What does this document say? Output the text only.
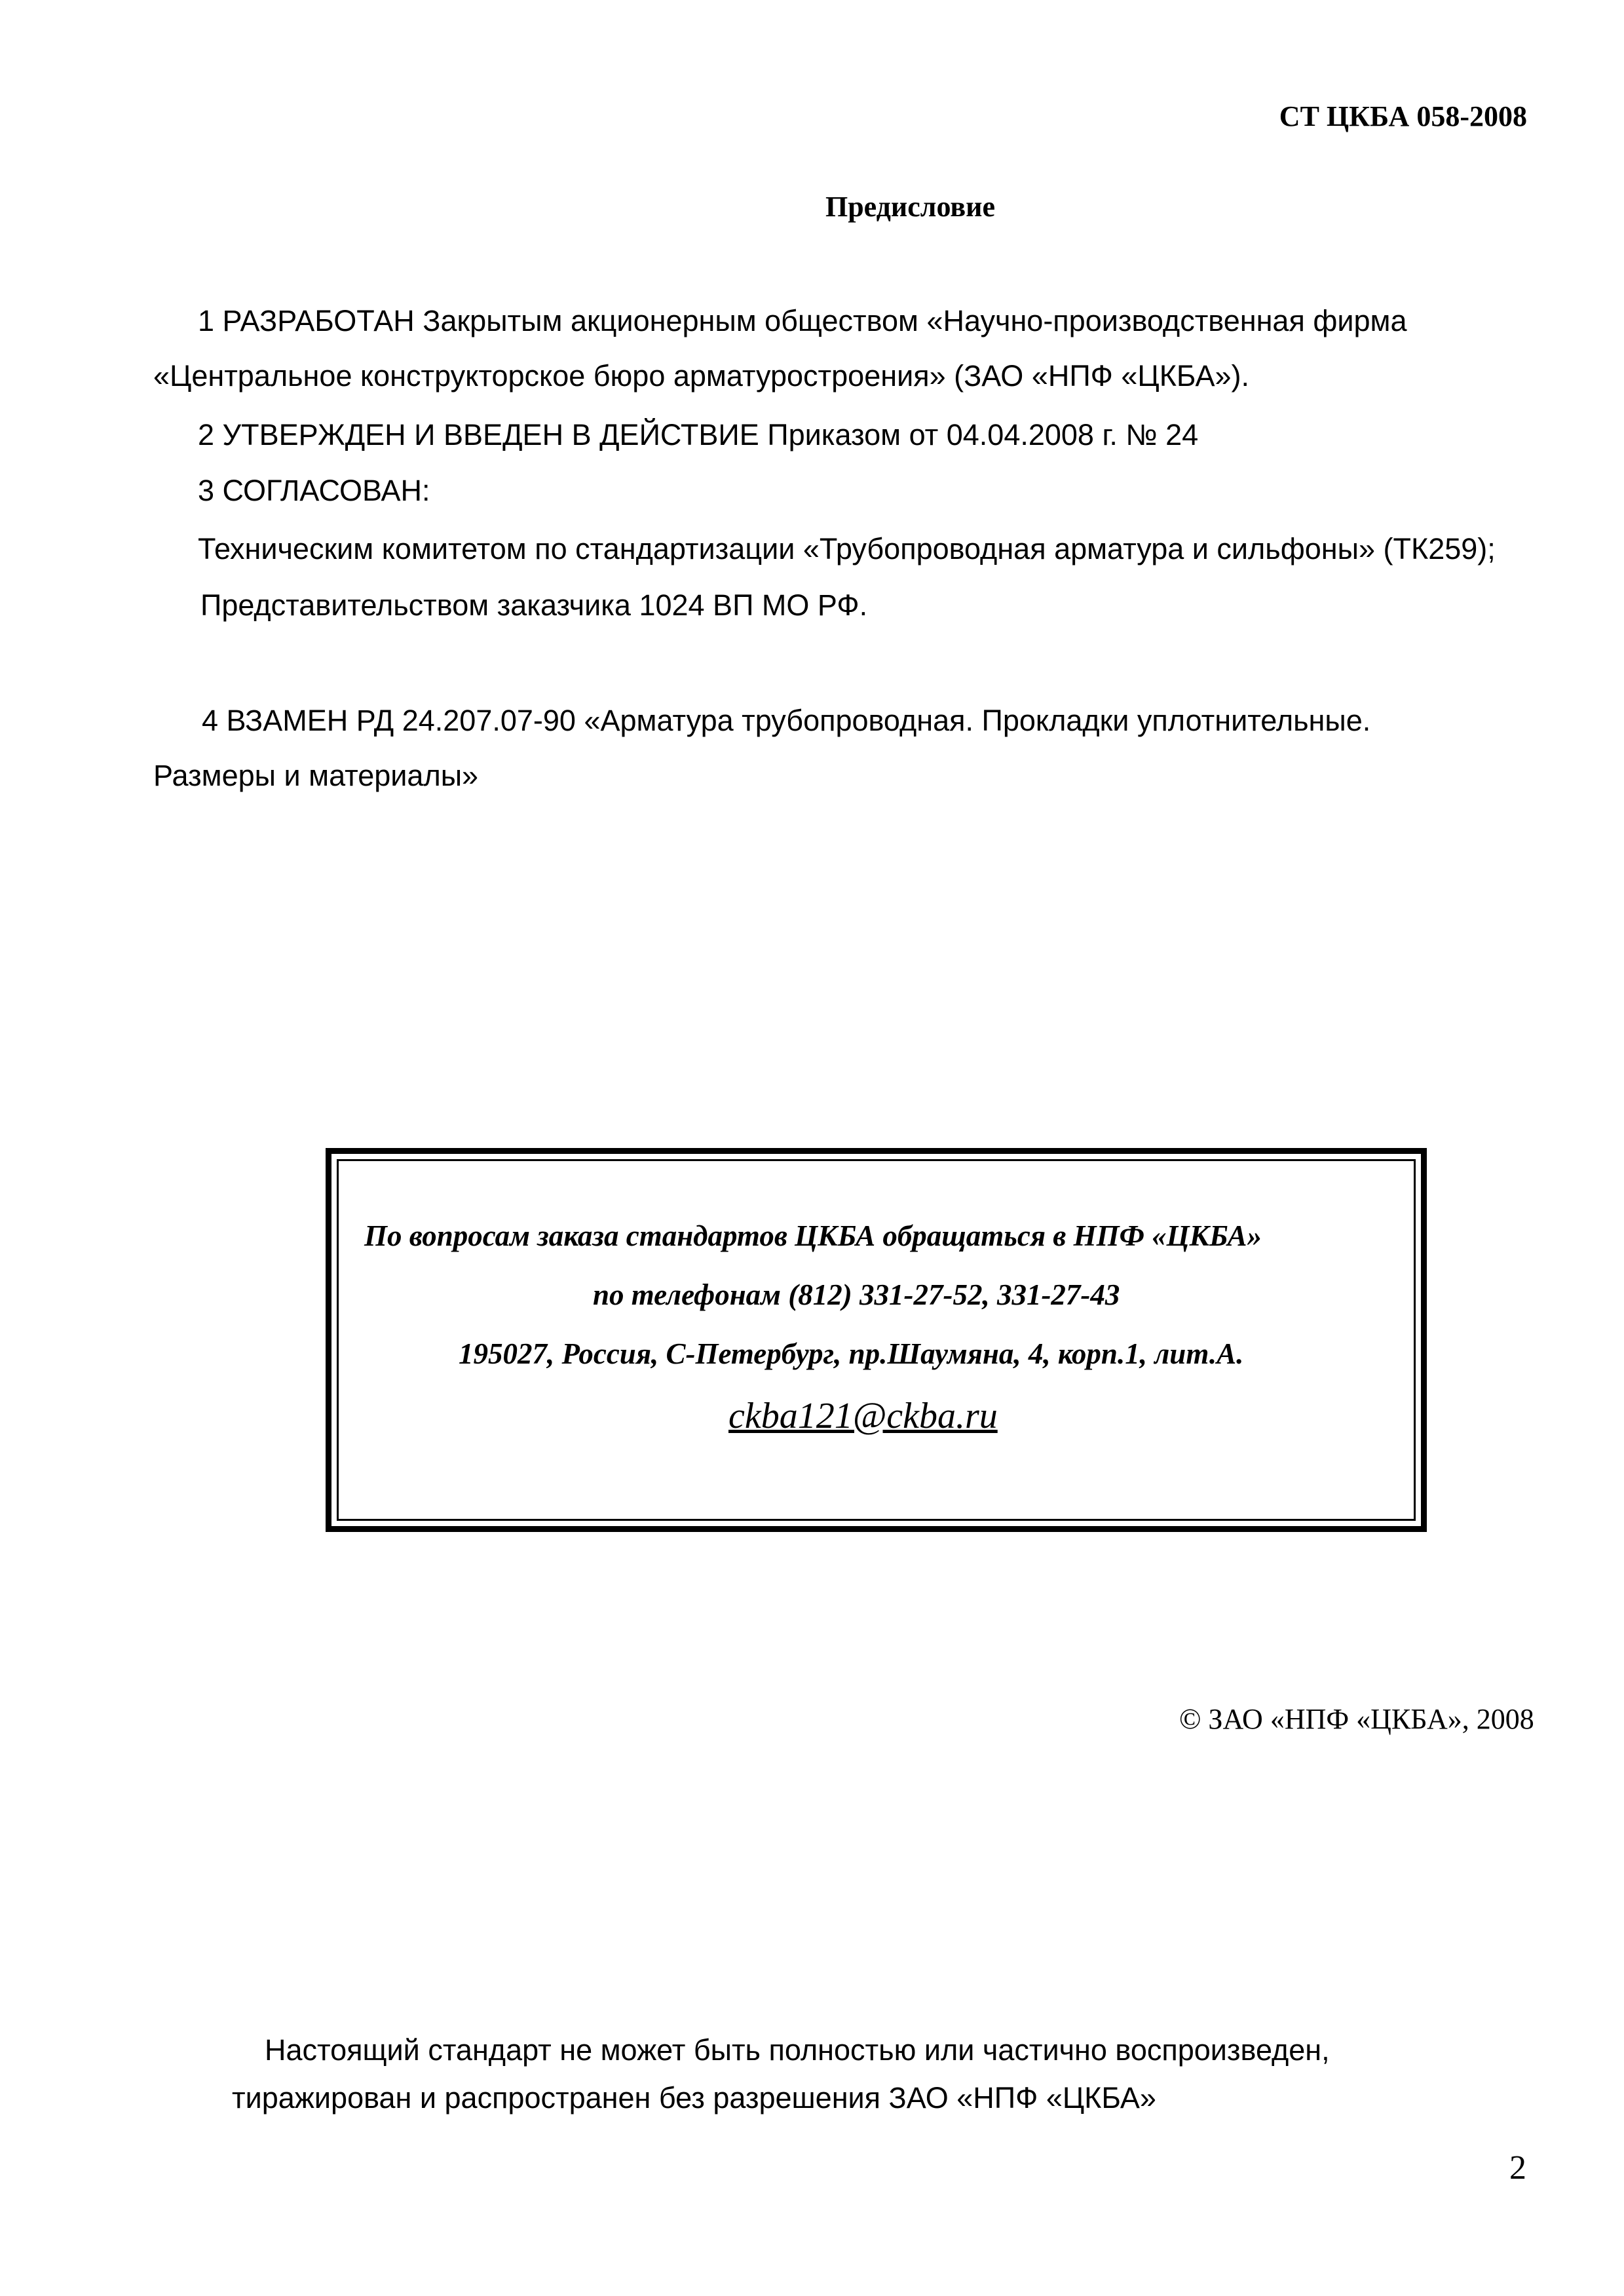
СТ ЦКБА 058-2008
Предисловие
1 РАЗРАБОТАН Закрытым акционерным обществом «Научно-производственная фирма
«Центральное конструкторское бюро арматуростроения» (ЗАО «НПФ «ЦКБА»).
2 УТВЕРЖДЕН И ВВЕДЕН В ДЕЙСТВИЕ Приказом от 04.04.2008 г. № 24
3 СОГЛАСОВАН:
Техническим комитетом по стандартизации «Трубопроводная арматура и сильфоны» (ТК259);
Представительством заказчика 1024 ВП МО РФ.
4 ВЗАМЕН РД 24.207.07-90 «Арматура трубопроводная. Прокладки уплотнительные.
Размеры и материалы»
По вопросам заказа стандартов ЦКБА обращаться в НПФ «ЦКБА»
по телефонам (812) 331-27-52, 331-27-43
195027, Россия, С-Петербург, пр.Шаумяна, 4, корп.1, лит.А.
ckba121@ckba.ru
© ЗАО «НПФ «ЦКБА», 2008
Настоящий стандарт не может быть полностью или частично воспроизведен,
тиражирован и распространен без разрешения ЗАО «НПФ «ЦКБА»
2
